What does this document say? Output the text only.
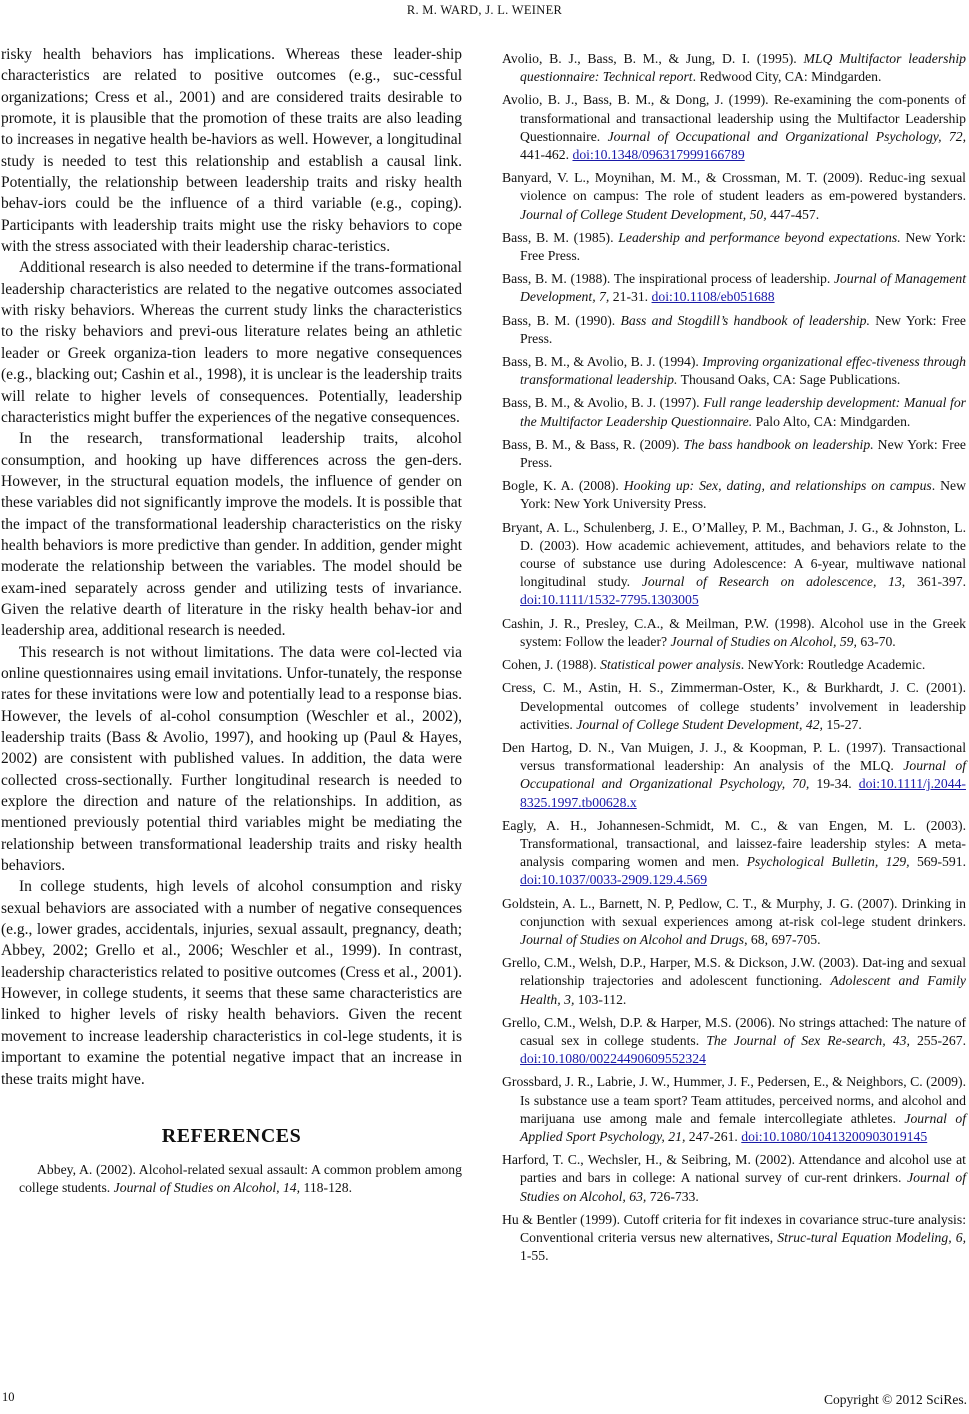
R. M. WARD, J. L. WEINER

risky health behaviors has implications. Whereas these leader-ship characteristics are related to positive outcomes (e.g., suc-cessful organizations; Cress et al., 2001) and are considered traits desirable to promote, it is plausible that the promotion of these traits are also leading to increases in negative health be-haviors as well. However, a longitudinal study is needed to test this relationship and establish a causal link. Potentially, the relationship between leadership traits and risky health behav-iors could be the influence of a third variable (e.g., coping). Participants with leadership traits might use the risky behaviors to cope with the stress associated with their leadership charac-teristics.

Additional research is also needed to determine if the trans-formational leadership characteristics are related to the negative outcomes associated with risky behaviors. Whereas the current study links the characteristics to the risky behaviors and previ-ous literature relates being an athletic leader or Greek organiza-tion leaders to more negative consequences (e.g., blacking out; Cashin et al., 1998), it is unclear is the leadership traits will relate to higher levels of consequences. Potentially, leadership characteristics might buffer the experiences of the negative consequences.

In the research, transformational leadership traits, alcohol consumption, and hooking up have differences across the gen-ders. However, in the structural equation models, the influence of gender on these variables did not significantly improve the models. It is possible that the impact of the transformational leadership characteristics on the risky health behaviors is more predictive than gender. In addition, gender might moderate the relationship between the variables. The model should be exam-ined separately across gender and utilizing tests of invariance. Given the relative dearth of literature in the risky health behav-ior and leadership area, additional research is needed.

This research is not without limitations. The data were col-lected via online questionnaires using email invitations. Unfor-tunately, the response rates for these invitations were low and potentially lead to a response bias. However, the levels of al-cohol consumption (Weschler et al., 2002), leadership traits (Bass & Avolio, 1997), and hooking up (Paul & Hayes, 2002) are consistent with published values. In addition, the data were collected cross-sectionally. Further longitudinal research is needed to explore the direction and nature of the relationships. In addition, as mentioned previously potential third variables might be mediating the relationship between transformational leadership traits and risky health behaviors.

In college students, high levels of alcohol consumption and risky sexual behaviors are associated with a number of negative consequences (e.g., lower grades, accidentals, injuries, sexual assault, pregnancy, death; Abbey, 2002; Grello et al., 2006; Weschler et al., 1999). In contrast, leadership characteristics related to positive outcomes (Cress et al., 2001). However, in college students, it seems that these same characteristics are linked to higher levels of risky health behaviors. Given the recent movement to increase leadership characteristics in col-lege students, it is important to examine the potential negative impact that an increase in these traits might have.

REFERENCES

Abbey, A. (2002). Alcohol-related sexual assault: A common problem among college students. Journal of Studies on Alcohol, 14, 118-128.

Avolio, B. J., Bass, B. M., & Jung, D. I. (1995). MLQ Multifactor leadership questionnaire: Technical report. Redwood City, CA: Mindgarden.

Avolio, B. J., Bass, B. M., & Dong, J. (1999). Re-examining the com-ponents of transformational and transactional leadership using the Multifactor Leadership Questionnaire. Journal of Occupational and Organizational Psychology, 72, 441-462. doi:10.1348/096317999166789

Banyard, V. L., Moynihan, M. M., & Crossman, M. T. (2009). Reduc-ing sexual violence on campus: The role of student leaders as em-powered bystanders. Journal of College Student Development, 50, 447-457.

Bass, B. M. (1985). Leadership and performance beyond expectations. New York: Free Press.

Bass, B. M. (1988). The inspirational process of leadership. Journal of Management Development, 7, 21-31. doi:10.1108/eb051688

Bass, B. M. (1990). Bass and Stogdill’s handbook of leadership. New York: Free Press.

Bass, B. M., & Avolio, B. J. (1994). Improving organizational effec-tiveness through transformational leadership. Thousand Oaks, CA: Sage Publications.

Bass, B. M., & Avolio, B. J. (1997). Full range leadership development: Manual for the Multifactor Leadership Questionnaire. Palo Alto, CA: Mindgarden.

Bass, B. M., & Bass, R. (2009). The bass handbook on leadership. New York: Free Press.

Bogle, K. A. (2008). Hooking up: Sex, dating, and relationships on campus. New York: New York University Press.

Bryant, A. L., Schulenberg, J. E., O’Malley, P. M., Bachman, J. G., & Johnston, L. D. (2003). How academic achievement, attitudes, and behaviors relate to the course of substance use during Adolescence: A 6-year, multiwave national longitudinal study. Journal of Research on adolescence, 13, 361-397. doi:10.1111/1532-7795.1303005

Cashin, J. R., Presley, C.A., & Meilman, P.W. (1998). Alcohol use in the Greek system: Follow the leader? Journal of Studies on Alcohol, 59, 63-70.

Cohen, J. (1988). Statistical power analysis. NewYork: Routledge Academic.

Cress, C. M., Astin, H. S., Zimmerman-Oster, K., & Burkhardt, J. C. (2001). Developmental outcomes of college students’ involvement in leadership activities. Journal of College Student Development, 42, 15-27.

Den Hartog, D. N., Van Muigen, J. J., & Koopman, P. L. (1997). Transactional versus transformational leadership: An analysis of the MLQ. Journal of Occupational and Organizational Psychology, 70, 19-34. doi:10.1111/j.2044-8325.1997.tb00628.x

Eagly, A. H., Johannesen-Schmidt, M. C., & van Engen, M. L. (2003). Transformational, transactional, and laissez-faire leadership styles: A meta-analysis comparing women and men. Psychological Bulletin, 129, 569-591. doi:10.1037/0033-2909.129.4.569

Goldstein, A. L., Barnett, N. P, Pedlow, C. T., & Murphy, J. G. (2007). Drinking in conjunction with sexual experiences among at-risk col-lege student drinkers. Journal of Studies on Alcohol and Drugs, 68, 697-705.

Grello, C.M., Welsh, D.P., Harper, M.S. & Dickson, J.W. (2003). Dat-ing and sexual relationship trajectories and adolescent functioning. Adolescent and Family Health, 3, 103-112.

Grello, C.M., Welsh, D.P. & Harper, M.S. (2006). No strings attached: The nature of casual sex in college students. The Journal of Sex Re-search, 43, 255-267. doi:10.1080/00224490609552324

Grossbard, J. R., Labrie, J. W., Hummer, J. F., Pedersen, E., & Neighbors, C. (2009). Is substance use a team sport? Team attitudes, perceived norms, and alcohol and marijuana use among male and female intercollegiate athletes. Journal of Applied Sport Psychology, 21, 247-261. doi:10.1080/10413200903019145

Harford, T. C., Wechsler, H., & Seibring, M. (2002). Attendance and alcohol use at parties and bars in college: A national survey of cur-rent drinkers. Journal of Studies on Alcohol, 63, 726-733.

Hu & Bentler (1999). Cutoff criteria for fit indexes in covariance struc-ture analysis: Conventional criteria versus new alternatives, Struc-tural Equation Modeling, 6, 1-55.

10	Copyright © 2012 SciRes.
